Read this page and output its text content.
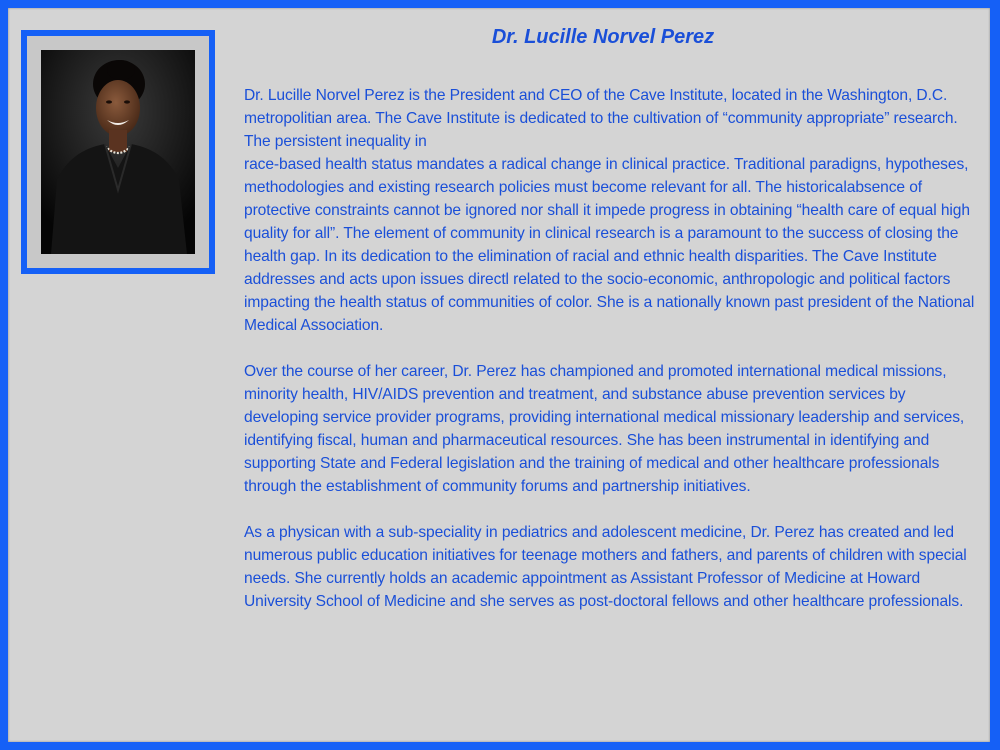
Dr. Lucille Norvel Perez

Dr. Lucille Norvel Perez is the President and CEO of the Cave Institute, located in the Washington, D.C. metropolitian area. The Cave Institute is dedicated to the cultivation of “community appropriate” research. The persistent inequality in
race-based health status mandates a radical change in clinical practice. Traditional paradigns, hypotheses, methodologies and existing research policies must become relevant for all. The historicalabsence of protective constraints cannot be ignored nor shall it impede progress in obtaining “health care of equal high quality for all”. The element of community in clinical research is a paramount to the success of closing the health gap. In its dedication to the elimination of racial and ethnic health disparities. The Cave Institute addresses and acts upon issues directl related to the socio-economic, anthropologic and political factors impacting the health status of communities of color. She is a nationally known past president of the National Medical Association.

Over the course of her career, Dr. Perez has championed and promoted international medical missions, minority health, HIV/AIDS prevention and treatment, and substance abuse prevention services by developing service provider programs, providing international medical missionary leadership and services, identifying fiscal, human and pharmaceutical resources. She has been instrumental in identifying and supporting State and Federal legislation and the training of medical and other healthcare professionals through the establishment of community forums and partnership initiatives.

As a physican with a sub-speciality in pediatrics and adolescent medicine, Dr. Perez has created and led numerous public education initiatives for teenage mothers and fathers, and parents of children with special needs. She currently holds an academic appointment as Assistant Professor of Medicine at Howard University School of Medicine and she serves as post-doctoral fellows and other healthcare professionals.
